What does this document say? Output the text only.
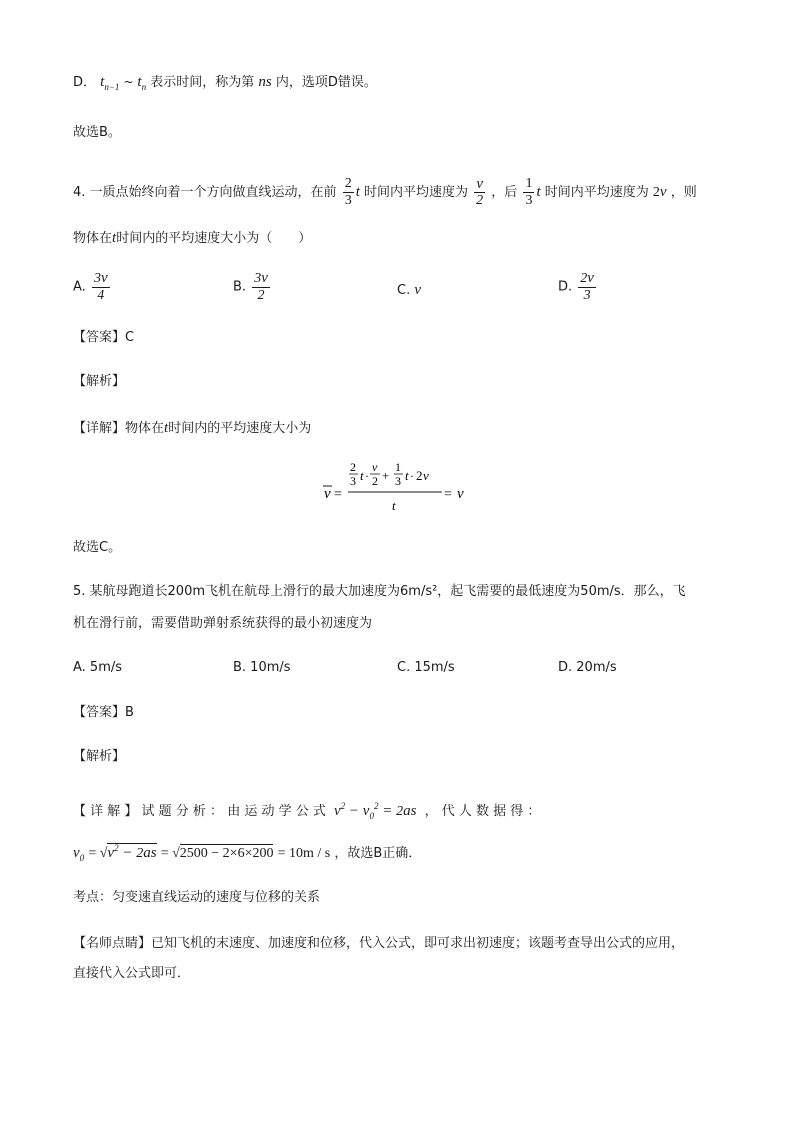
D． $t_{n-1}$ ~ $t_n$ 表示时间，称为第 ns 内，选项D错误。
故选B。
4. 一质点始终向着一个方向做直线运动，在前 $\frac{2}{3}$ t 时间内平均速度为 $\frac{v}{2}$ ，后 $\frac{1}{3}$ t 时间内平均速度为 2v ，则
物体在t时间内的平均速度大小为（　　）
A. $\frac{3v}{4}$	B. $\frac{3v}{2}$	C. v	D. $\frac{2v}{3}$
【答案】C
【解析】
【详解】物体在t时间内的平均速度大小为
v =
2
3 t ·
v
2 +
1
3 t · 2 v
t
= v
故选C。
5. 某航母跑道长200m飞机在航母上滑行的最大加速度为6m/s²，起飞需要的最低速度为50m/s．那么，飞
机在滑行前，需要借助弹射系统获得的最小初速度为
A. 5m/s	B. 10m/s	C. 15m/s	D. 20m/s
【答案】B
【解析】
【 详 解 】 试 题 分 析 ： 由 运 动 学 公 式 $v^2 - v_0^2 = 2as$ ， 代 人 数 据 得 ：
$v_0 = √v^2 - 2as = √2500 - 2\times 6\times 200 = 10m / s$ ，故选B正确．
考点：匀变速直线运动的速度与位移的关系
【名师点睛】已知飞机的末速度、加速度和位移，代入公式，即可求出初速度；该题考查导出公式的应用，
直接代入公式即可．
